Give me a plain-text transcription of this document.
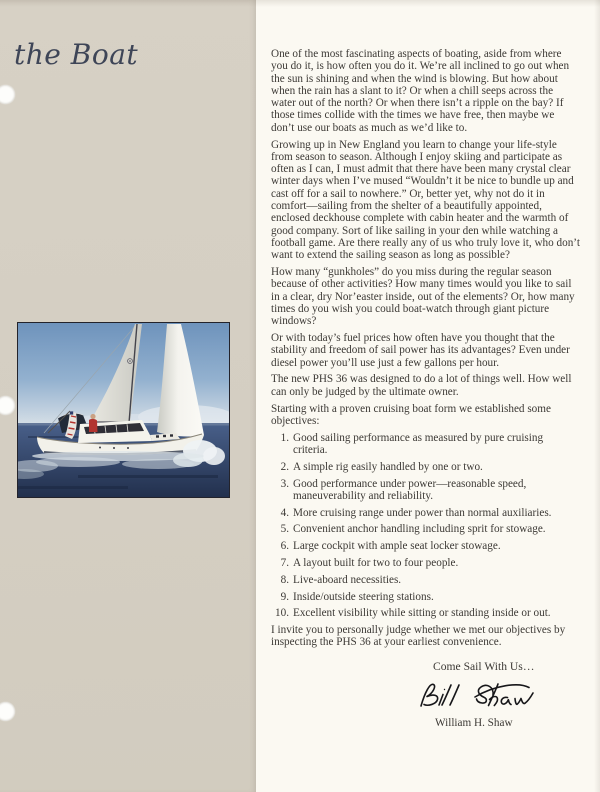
the Boat	One of the most fascinating aspects of boating, aside from where you do it, is how often you do it. We’re all inclined to go out when the sun is shining and when the wind is blowing. But how about when the rain has a slant to it? Or when a chill seeps across the water out of the north? Or when there isn’t a ripple on the bay? If those times collide with the times we have free, then maybe we don’t use our boats as much as we’d like to.

Growing up in New England you learn to change your life-style from season to season. Although I enjoy skiing and participate as often as I can, I must admit that there have been many crystal clear winter days when I’ve mused “Wouldn’t it be nice to bundle up and cast off for a sail to nowhere.” Or, better yet, why not do it in comfort—sailing from the shelter of a beautifully appointed, enclosed deckhouse complete with cabin heater and the warmth of good company. Sort of like sailing in your den while watching a football game. Are there really any of us who truly love it, who don’t want to extend the sailing season as long as possible?

How many “gunkholes” do you miss during the regular season because of other activities? How many times would you like to sail in a clear, dry Nor’easter inside, out of the elements? Or, how many times do you wish you could boat-watch through giant picture windows?

Or with today’s fuel prices how often have you thought that the stability and freedom of sail power has its advantages? Even under diesel power you’ll use just a few gallons per hour.

The new PHS 36 was designed to do a lot of things well. How well can only be judged by the ultimate owner.

Starting with a proven cruising boat form we established some objectives:

1. Good sailing performance as measured by pure cruising criteria.
2. A simple rig easily handled by one or two.
3. Good performance under power—reasonable speed, maneuverability and reliability.
4. More cruising range under power than normal auxiliaries.
5. Convenient anchor handling including sprit for stowage.
6. Large cockpit with ample seat locker stowage.
7. A layout built for two to four people.
8. Live-aboard necessities.
9. Inside/outside steering stations.
10. Excellent visibility while sitting or standing inside or out.

I invite you to personally judge whether we met our objectives by inspecting the PHS 36 at your earliest convenience.

Come Sail With Us…

William H. Shaw
